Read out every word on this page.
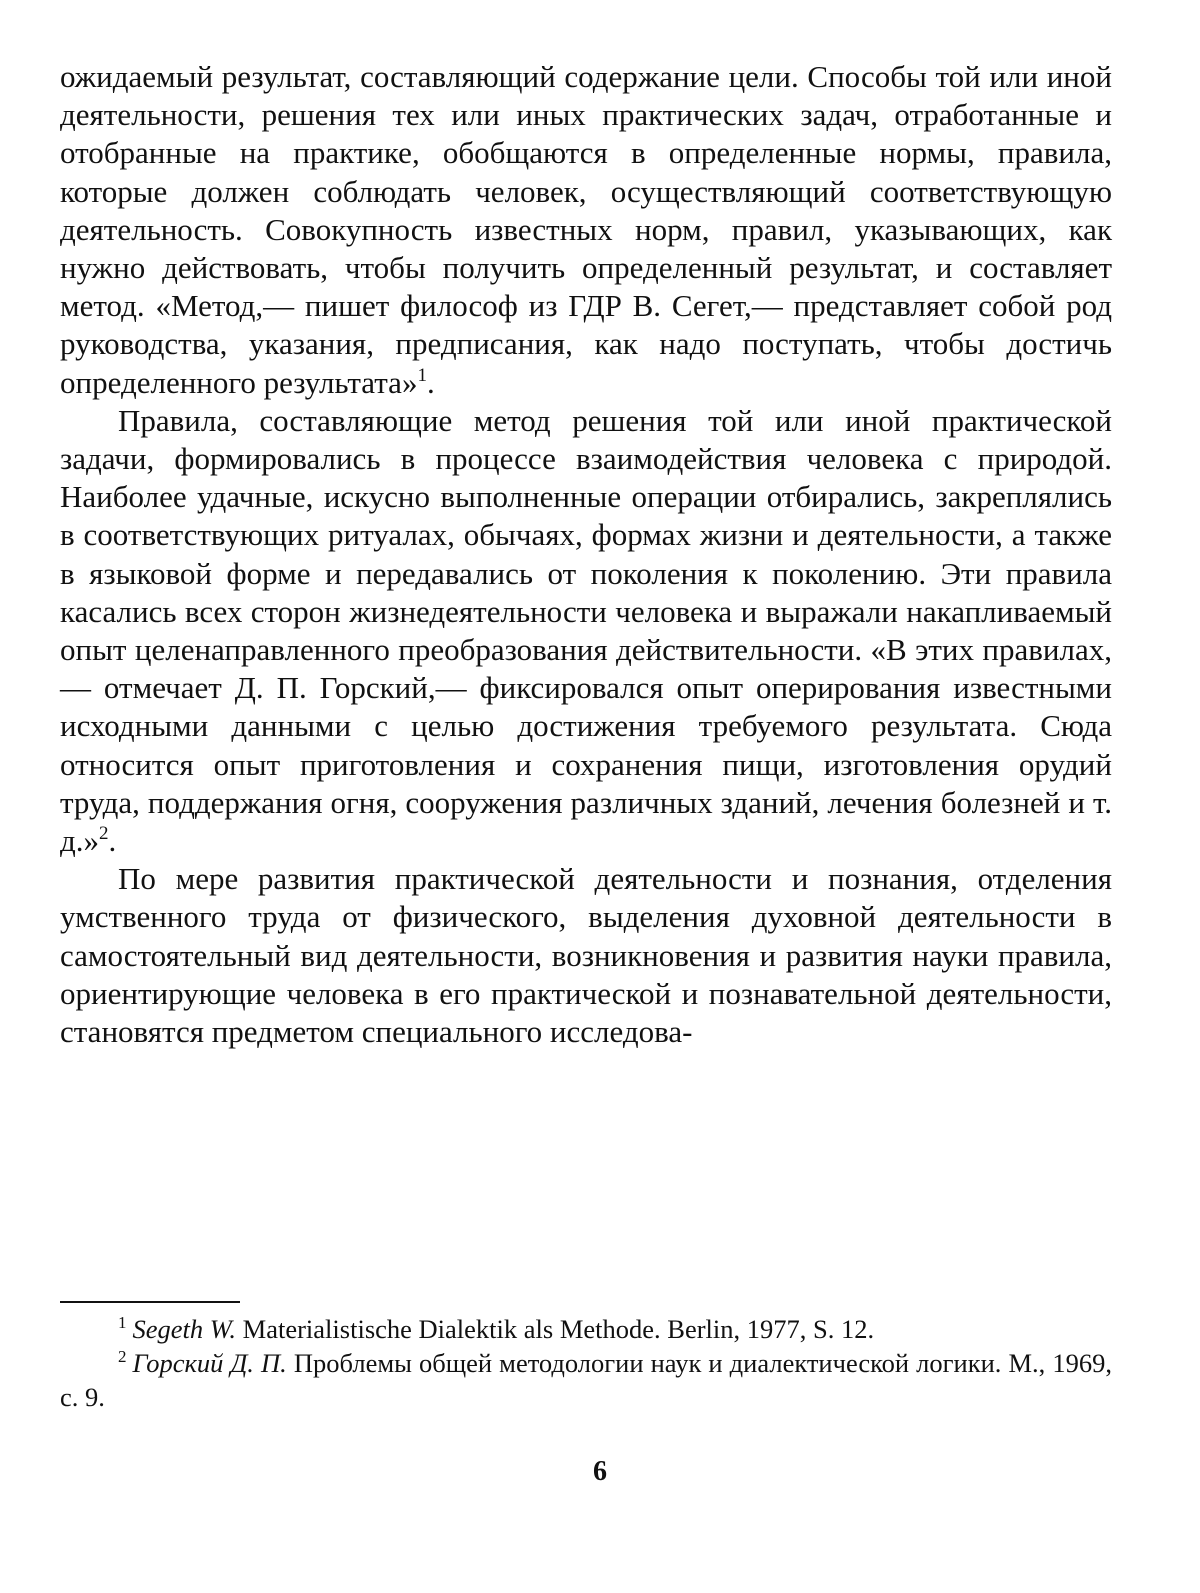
ожидаемый результат, составляющий содержание цели. Способы той или иной деятельности, решения тех или иных практических задач, отработанные и отобранные на практике, обобщаются в определенные нормы, правила, которые должен соблюдать человек, осуществляющий соответствующую деятельность. Совокупность известных норм, правил, указывающих, как нужно действовать, чтобы получить определенный результат, и составляет метод. «Метод,— пишет философ из ГДР В. Сегет,— представляет собой род руководства, указания, предписания, как надо поступать, чтобы достичь определенного результата»$^1$.

Правила, составляющие метод решения той или иной практической задачи, формировались в процессе взаимодействия человека с природой. Наиболее удачные, искусно выполненные операции отбирались, закреплялись в соответствующих ритуалах, обычаях, формах жизни и деятельности, а также в языковой форме и передавались от поколения к поколению. Эти правила касались всех сторон жизнедеятельности человека и выражали накапливаемый опыт целенаправленного преобразования действительности. «В этих правилах,— отмечает Д. П. Горский,— фиксировался опыт оперирования известными исходными данными с целью достижения требуемого результата. Сюда относится опыт приготовления и сохранения пищи, изготовления орудий труда, поддержания огня, сооружения различных зданий, лечения болезней и т. д.»$^2$.

По мере развития практической деятельности и познания, отделения умственного труда от физического, выделения духовной деятельности в самостоятельный вид деятельности, возникновения и развития науки правила, ориентирующие человека в его практической и познавательной деятельности, становятся предметом специального исследова-

$^1$ Segeth W. Materialistische Dialektik als Methode. Berlin, 1977, S. 12.

$^2$ Горский Д. П. Проблемы общей методологии наук и диалектической логики. М., 1969, с. 9.

6
